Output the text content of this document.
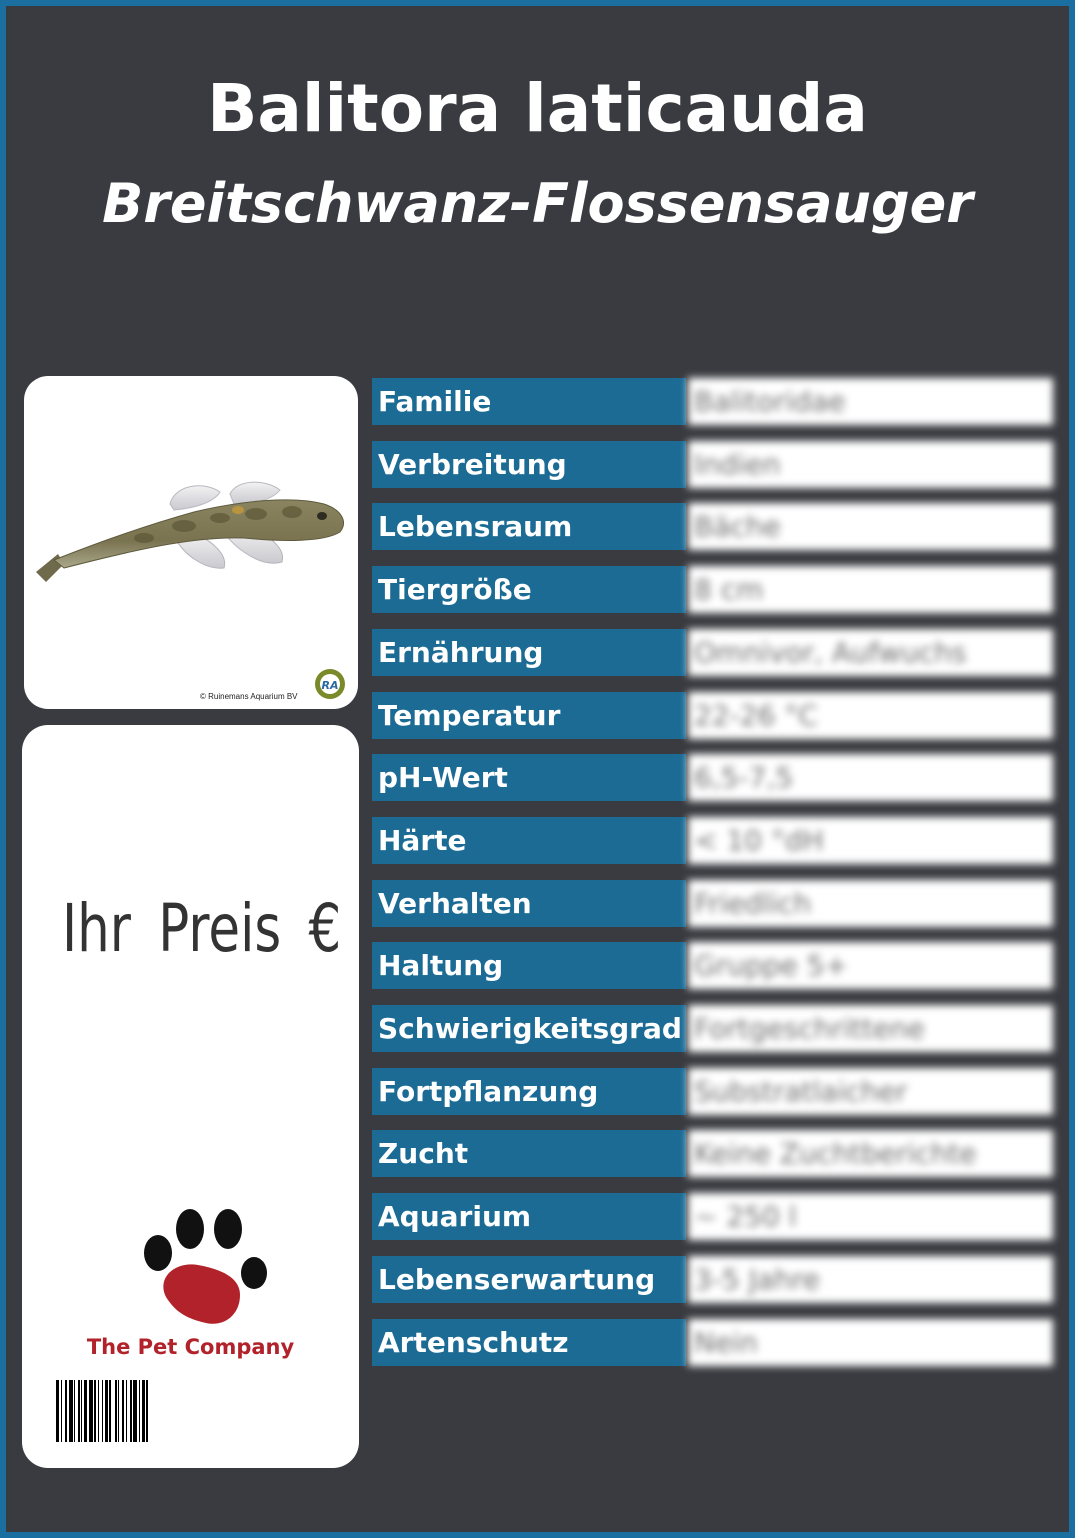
Balitora laticauda
Breitschwanz-Flossensauger
RA
© Ruinemans Aquarium BV
Ihr Preis €
The Pet Company
Familie	Balitoridae
Verbreitung	Indien
Lebensraum	Bäche
Tiergröße	8 cm
Ernährung	Omnivor, Aufwuchs
Temperatur	22-26 °C
pH-Wert	6,5-7,5
Härte	< 10 °dH
Verhalten	Friedlich
Haltung	Gruppe 5+
Schwierigkeitsgrad Fortgeschrittene
Fortpflanzung	Substratlaicher
Zucht	Keine Zuchtberichte
Aquarium	~ 250 l
Lebenserwartung	3-5 Jahre
Artenschutz	Nein
